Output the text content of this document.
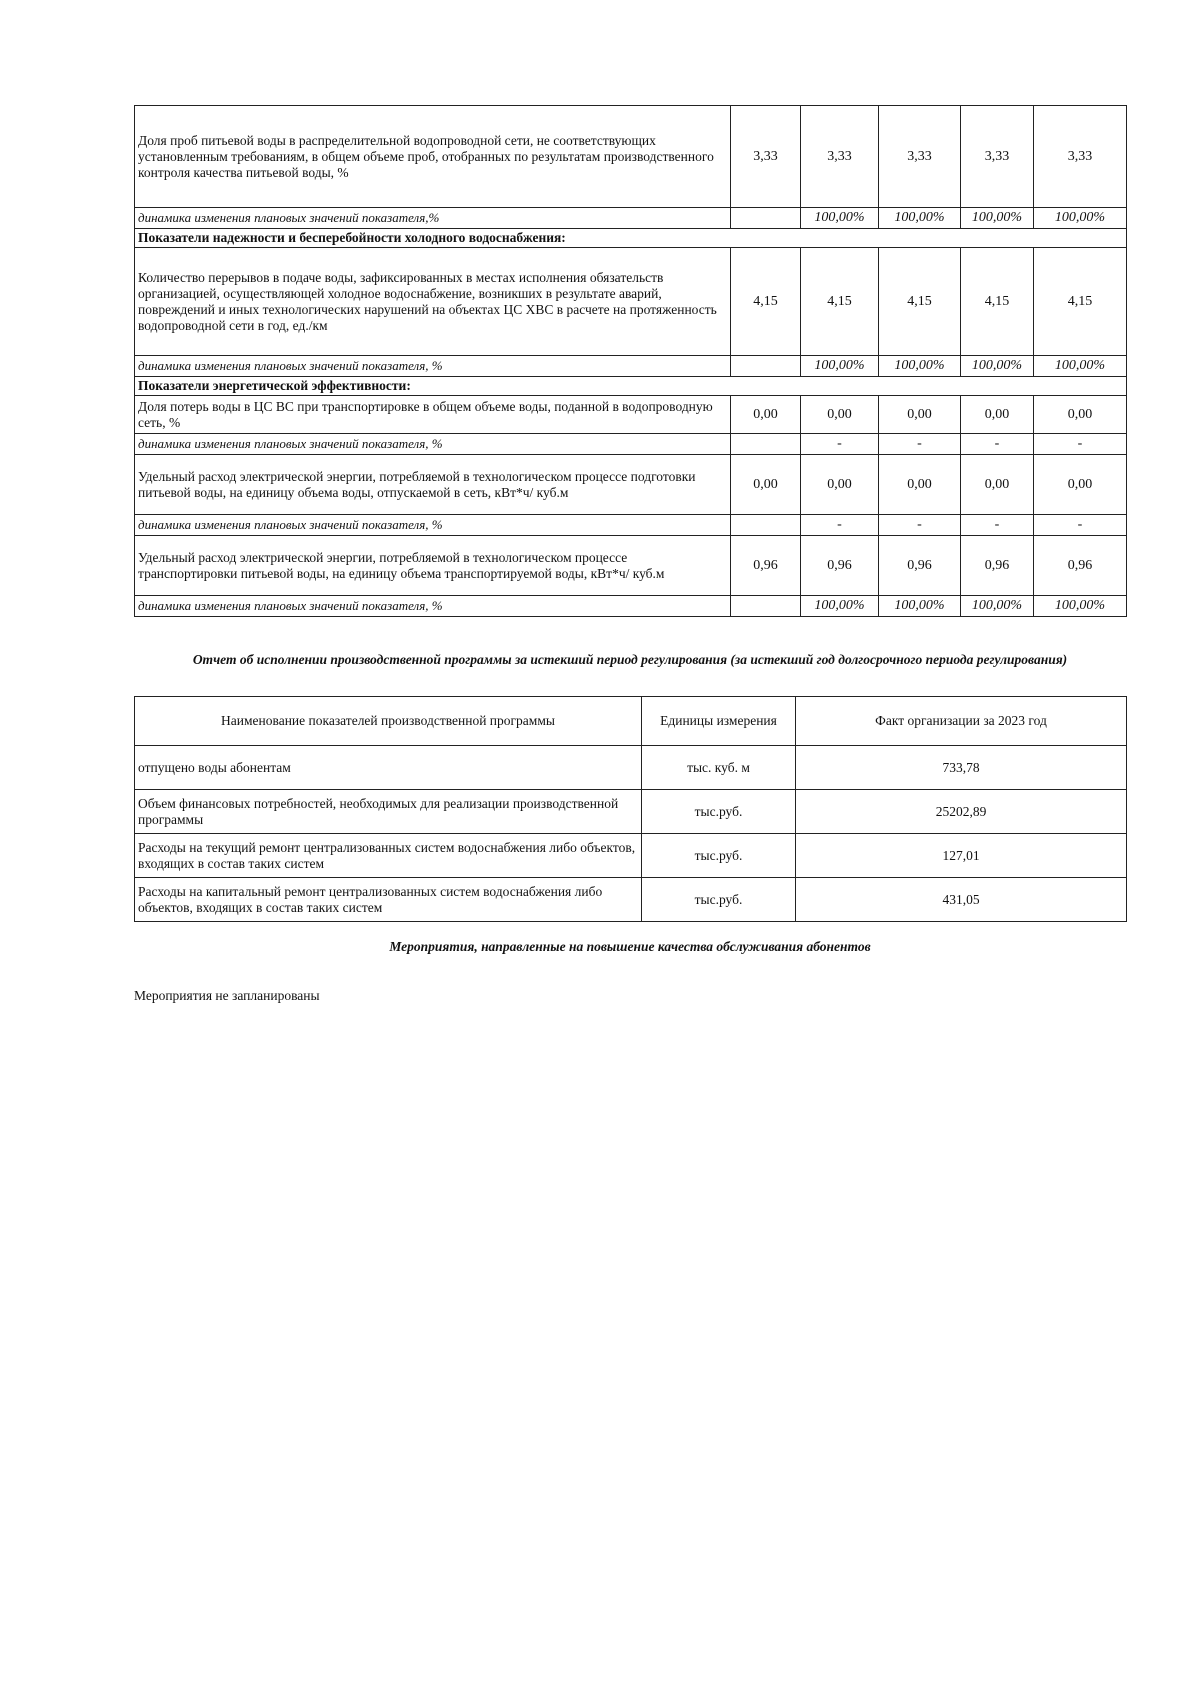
Доля проб питьевой воды в распределительной водопроводной сети, не соответствующих установленным требованиям, в общем объеме проб, отобранных по результатам производственного контроля качества питьевой воды, %	3,33	3,33	3,33	3,33	3,33
динамика изменения плановых значений показателя,%		100,00%	100,00%	100,00%	100,00%
Показатели надежности и бесперебойности холодного водоснабжения:					
Количество перерывов в подаче воды, зафиксированных в местах исполнения обязательств организацией, осуществляющей холодное водоснабжение, возникших в результате аварий, повреждений и иных технологических нарушений на объектах ЦС ХВС в расчете на протяженность водопроводной сети в год, ед./км	4,15	4,15	4,15	4,15	4,15
динамика изменения плановых значений показателя, %		100,00%	100,00%	100,00%	100,00%
Показатели энергетической эффективности:					
Доля потерь воды в ЦС ВС при транспортировке в общем объеме воды, поданной в водопроводную сеть, %	0,00	0,00	0,00	0,00	0,00
динамика изменения плановых значений показателя, %		-	-	-	-
Удельный расход электрической энергии, потребляемой в технологическом процессе подготовки питьевой воды, на единицу объема воды, отпускаемой в сеть, кВт*ч/ куб.м	0,00	0,00	0,00	0,00	0,00
динамика изменения плановых значений показателя, %		-	-	-	-
Удельный расход электрической энергии, потребляемой в технологическом процессе транспортировки питьевой воды, на единицу объема транспортируемой воды, кВт*ч/ куб.м	0,96	0,96	0,96	0,96	0,96
динамика изменения плановых значений показателя, %		100,00%	100,00%	100,00%	100,00%
Отчет об исполнении производственной программы за истекший период регулирования (за истекший год долгосрочного периода регулирования)
Наименование показателей производственной программы	Единицы измерения	Факт организации за 2023 год
отпущено воды абонентам	тыс. куб. м	733,78
Объем финансовых потребностей, необходимых для реализации производственной программы	тыс.руб.	25202,89
Расходы на текущий ремонт централизованных систем водоснабжения либо объектов, входящих в состав таких систем	тыс.руб.	127,01
Расходы на капитальный ремонт централизованных систем водоснабжения либо объектов, входящих в состав таких систем	тыс.руб.	431,05
Мероприятия, направленные на повышение качества обслуживания абонентов
Мероприятия не запланированы
